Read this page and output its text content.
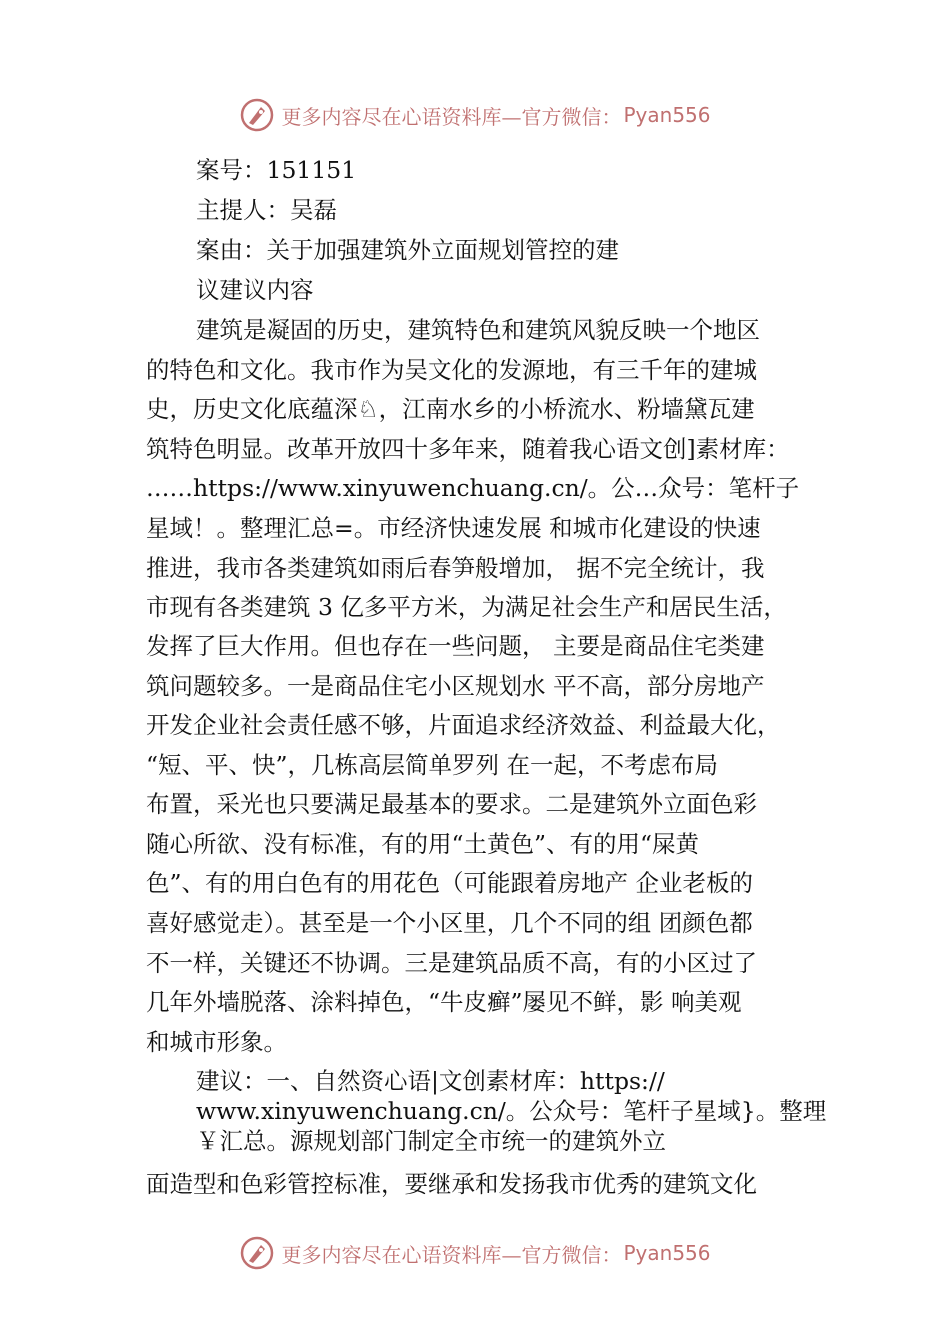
更多内容尽在心语资料库—官方微信： Pyan556
案号：151151
主提人：吴磊
案由：关于加强建筑外立面规划管控的建
议建议内容
建筑是凝固的历史，建筑特色和建筑风貌反映一个地区
的特色和文化。我市作为吴文化的发源地，有三千年的建城
史，历史文化底蕴深♘，江南水乡的小桥流水、粉墙黛瓦建
筑特色明显。改革开放四十多年来，随着我心语文创]素材库：
……https://www.xinyuwenchuang.cn/。公…众号：笔杆子
星域！。整理汇总=。市经济快速发展 和城市化建设的快速
推进，我市各类建筑如雨后春笋般增加， 据不完全统计，我
市现有各类建筑 3 亿多平方米，为满足社会生产和居民生活，
发挥了巨大作用。但也存在一些问题， 主要是商品住宅类建
筑问题较多。一是商品住宅小区规划水 平不高，部分房地产
开发企业社会责任感不够，片面追求经济效益、利益最大化，
“短、平、快”，几栋高层简单罗列 在一起，不考虑布局
布置，采光也只要满足最基本的要求。二是建筑外立面色彩
随心所欲、没有标准，有的用“土黄色”、有的用“屎黄
色”、有的用白色有的用花色（可能跟着房地产 企业老板的
喜好感觉走）。甚至是一个小区里，几个不同的组 团颜色都
不一样，关键还不协调。三是建筑品质不高，有的小区过了
几年外墙脱落、涂料掉色，“牛皮癣”屡见不鲜，影 响美观
和城市形象。
建议：一、自然资心语|文创素材库：https://
www.xinyuwenchuang.cn/。公众号：笔杆子星域}。整理
￥汇总。源规划部门制定全市统一的建筑外立
面造型和色彩管控标准，要继承和发扬我市优秀的建筑文化
更多内容尽在心语资料库—官方微信： Pyan556
